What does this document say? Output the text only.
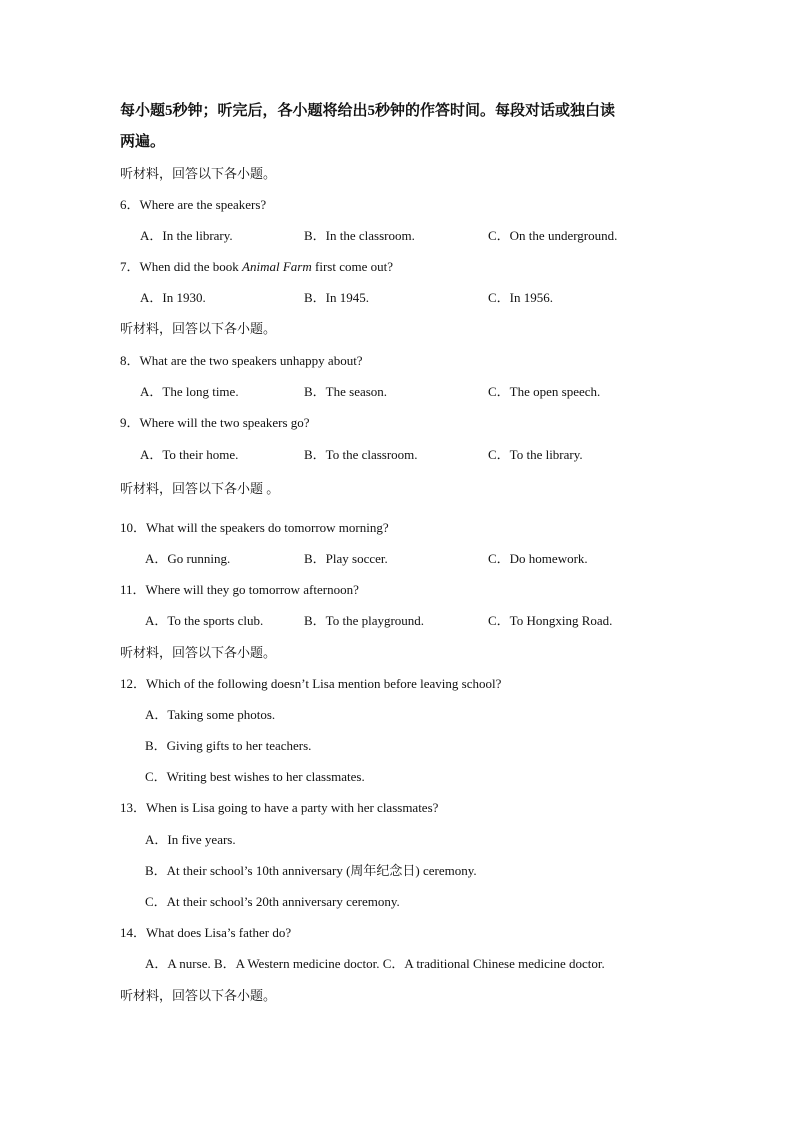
每小题5秒钟；听完后，各小题将给出5秒钟的作答时间。每段对话或独白读
两遍。
听材料，回答以下各小题。
6．Where are the speakers?
A．In the library.	B．In the classroom.	C．On the underground.
7．When did the book Animal Farm first come out?
A．In 1930.	B．In 1945.	C．In 1956.
听材料，回答以下各小题。
8．What are the two speakers unhappy about?
A．The long time.	B．The season.	C．The open speech.
9．Where will the two speakers go?
A．To their home.	B．To the classroom.	C．To the library.
听材料，回答以下各小题 。
10．What will the speakers do tomorrow morning?
A．Go running.	B．Play soccer.	C．Do homework.
11．Where will they go tomorrow afternoon?
A．To the sports club.	B．To the playground.	C．To Hongxing Road.
听材料，回答以下各小题。
12．Which of the following doesn’t Lisa mention before leaving school?
A．Taking some photos.
B．Giving gifts to her teachers.
C．Writing best wishes to her classmates.
13．When is Lisa going to have a party with her classmates?
A．In five years.
B．At their school’s 10th anniversary (周年纪念日) ceremony.
C．At their school’s 20th anniversary ceremony.
14．What does Lisa’s father do?
A．A nurse. B．A Western medicine doctor. C．A traditional Chinese medicine doctor.
听材料，回答以下各小题。
